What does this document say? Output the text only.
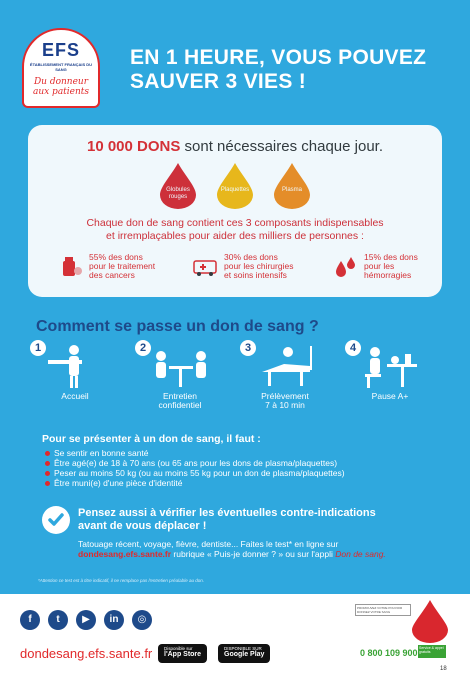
EFS
ÉTABLISSEMENT FRANÇAIS DU SANG
Du donneur
aux patients
EN 1 HEURE, VOUS POUVEZ
SAUVER 3 VIES !
10 000 DONS sont nécessaires chaque jour.
Globules
rouges
Plaquettes	Plasma
Chaque don de sang contient ces 3 composants indispensables
et irremplaçables pour aider des milliers de personnes :
55% des dons
pour le traitement
des cancers
30% des dons
pour les chirurgies
et soins intensifs
15% des dons
pour les
hémorragies
Comment se passe un don de sang ?
1
Accueil
2
Entretien
confidentiel
3
Prélèvement
7 à 10 min
4
Pause A+
Pour se présenter à un don de sang, il faut :
Se sentir en bonne santé
Être agé(e) de 18 à 70 ans (ou 65 ans pour les dons de plasma/plaquettes)
Peser au moins 50 kg (ou au moins 55 kg pour un don de plasma/plaquettes)
Être muni(e) d'une pièce d'identité
Pensez aussi à vérifier les éventuelles contre-indications
avant de vous déplacer !
Tatouage récent, voyage, fièvre, dentiste... Faites le test* en ligne sur
dondesang.efs.sante.fr rubrique « Puis-je donner ? » ou sur l'appli Don de sang.
*Attention ce test est à titre indicatif, il ne remplace pas l'entretien préalable au don.
f	t	▶	in	◎
dondesang.efs.sante.fr	Disponible sur
l'App Store
DISPONIBLE SUR
Google Play
PROMOUVEZ VOTRE POUVOIR DONNEZ VOTRE SANG
0 800 109 900 Service & appel gratuits
18
